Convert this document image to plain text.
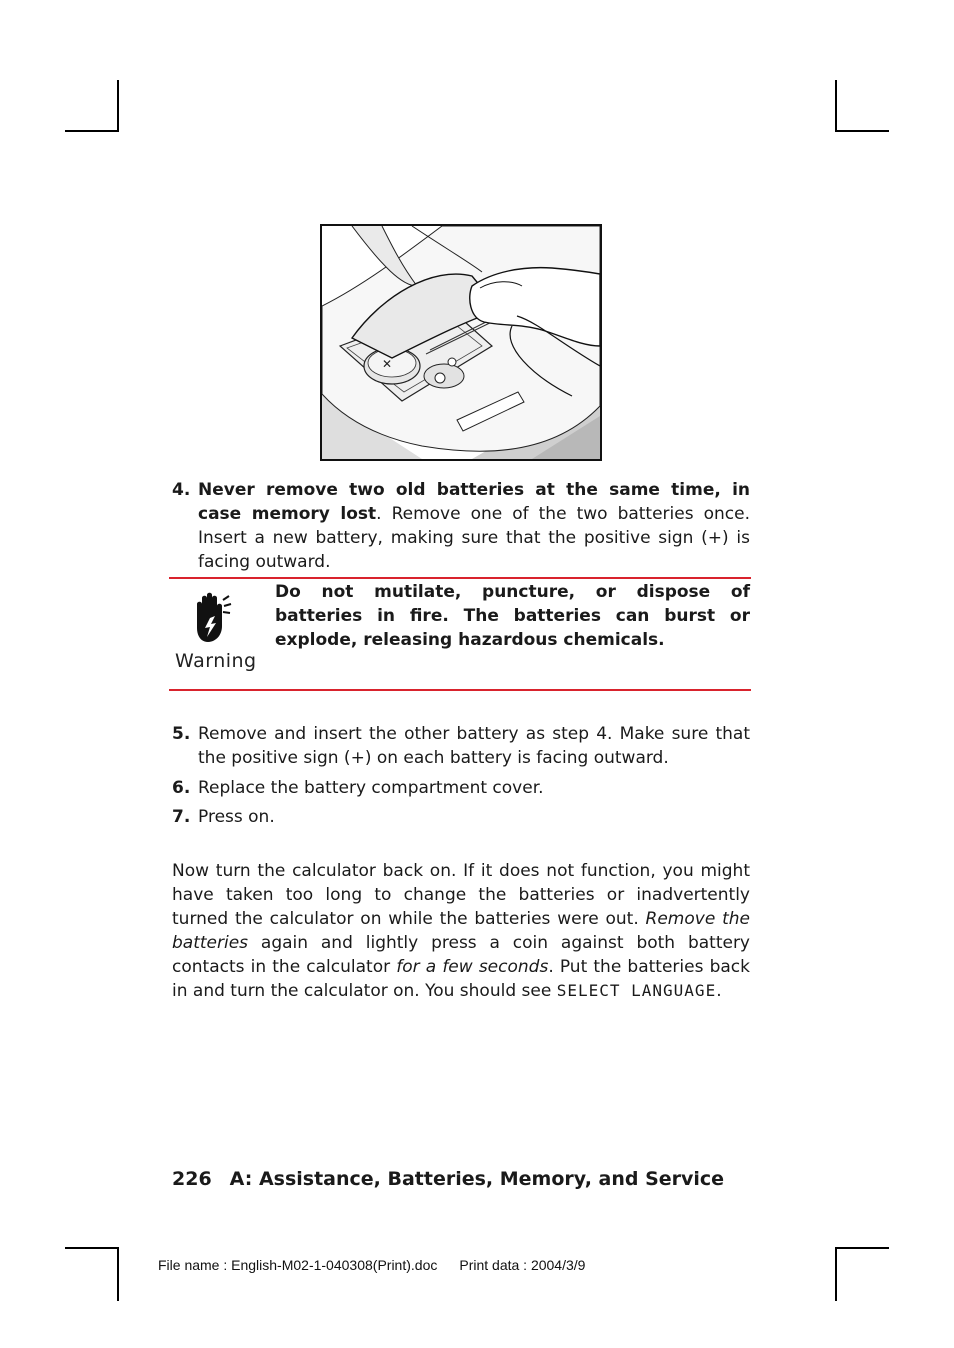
✕
4. Never remove two old batteries at the same time, in case memory lost. Remove one of the two batteries once. Insert a new battery, making sure that the positive sign (+) is facing outward.
Warning
Do not mutilate, puncture, or dispose of batteries in fire. The batteries can burst or explode, releasing hazardous chemicals.
5. Remove and insert the other battery as step 4. Make sure that the positive sign (+) on each battery is facing outward.
6. Replace the battery compartment cover.
7. Press on.
Now turn the calculator back on. If it does not function, you might have taken too long to change the batteries or inadvertently turned the calculator on while the batteries were out. Remove the batteries again and lightly press a coin against both battery contacts in the calculator for a few seconds. Put the batteries back in and turn the calculator on. You should see SELECT LANGUAGE.
226 A: Assistance, Batteries, Memory, and Service
File name : English-M02-1-040308(Print).doc Print data : 2004/3/9
